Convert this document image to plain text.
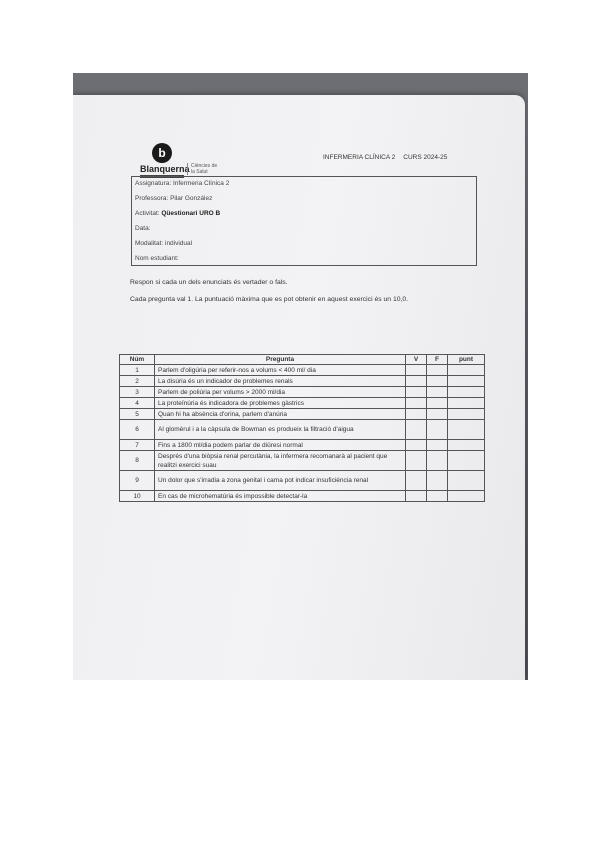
b
Blanquerna Ciències de la Salut
INFERMERIA CLÍNICA 2 CURS 2024-25
Assignatura: Infermeria Clínica 2
Professora: Pilar González
Activitat: Qüestionari URO B
Data:
Modalitat: individual
Nom estudiant:
Respon si cada un dels enunciats és vertader o fals.
Cada pregunta val 1. La puntuació màxima que es pot obtenir en aquest exercici és un 10,0.
Núm	Pregunta	V	F	punt
1	Parlem d'oligúria per referir-nos a volums < 400 ml/ dia			
2	La disúria és un indicador de problemes renals			
3	Parlem de poliúria per volums > 2000 ml/dia			
4	La proteïnúria és indicadora de problemes gàstrics			
5	Quan hi ha absència d'orina, parlem d'anúria			
6	Al glomèrul i a la càpsula de Bowman es produeix la filtració d'aigua			
7	Fins a 1800 ml/dia podem parlar de diüresi normal			
8	Després d'una biòpsia renal percutània, la infermera recomanarà al pacient que realitzi exercici suau			
9	Un dolor que s'irradia a zona genital i cama pot indicar insuficiència renal			
10	En cas de microhematúria és impossible detectar-la			
